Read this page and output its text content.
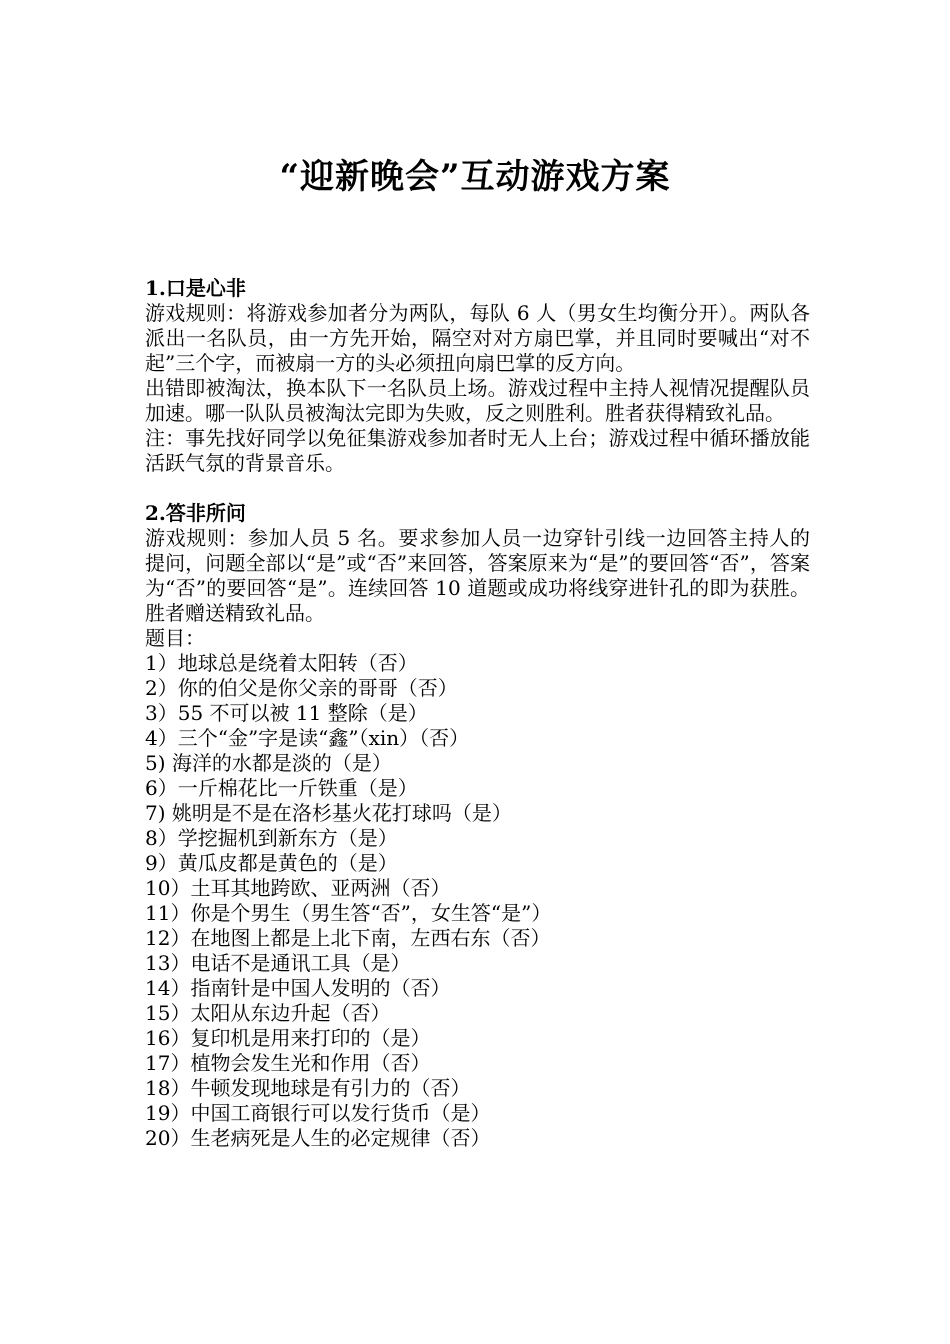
“迎新晚会”互动游戏方案
1.口是心非

游戏规则：将游戏参加者分为两队，每队 6 人（男女生均衡分开）。两队各派出一名队员，由一方先开始，隔空对对方扇巴掌，并且同时要喊出“对不起”三个字，而被扇一方的头必须扭向扇巴掌的反方向。

出错即被淘汰，换本队下一名队员上场。游戏过程中主持人视情况提醒队员加速。哪一队队员被淘汰完即为失败，反之则胜利。胜者获得精致礼品。

注：事先找好同学以免征集游戏参加者时无人上台；游戏过程中循环播放能活跃气氛的背景音乐。

2.答非所问

游戏规则：参加人员 5 名。要求参加人员一边穿针引线一边回答主持人的提问，问题全部以“是”或“否”来回答，答案原来为“是”的要回答“否”，答案为“否”的要回答“是”。连续回答 10 道题或成功将线穿进针孔的即为获胜。胜者赠送精致礼品。

题目：

1）地球总是绕着太阳转（否）
2）你的伯父是你父亲的哥哥（否）
3）55 不可以被 11 整除（是）
4）三个“金”字是读“鑫”（xin）（否）
5) 海洋的水都是淡的（是）
6）一斤棉花比一斤铁重（是）
7) 姚明是不是在洛杉基火花打球吗（是）
8）学挖掘机到新东方（是）
9）黄瓜皮都是黄色的（是）
10）土耳其地跨欧、亚两洲（否）
11）你是个男生（男生答“否”，女生答“是”）
12）在地图上都是上北下南，左西右东（否）
13）电话不是通讯工具（是）
14）指南针是中国人发明的（否）
15）太阳从东边升起（否）
16）复印机是用来打印的（是）
17）植物会发生光和作用（否）
18）牛顿发现地球是有引力的（否）
19）中国工商银行可以发行货币（是）
20）生老病死是人生的必定规律（否）
